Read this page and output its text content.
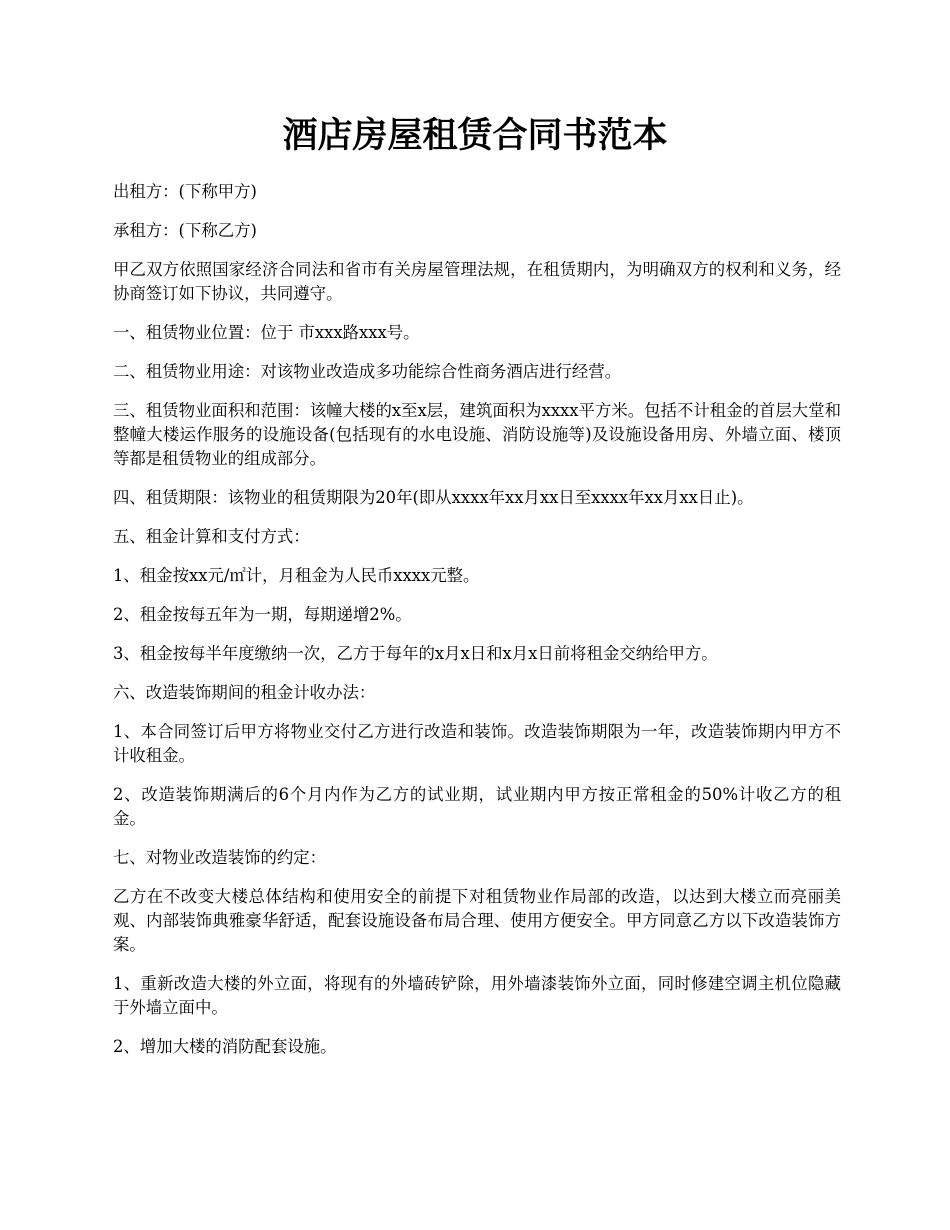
酒店房屋租赁合同书范本

出租方：(下称甲方)

承租方：(下称乙方)

甲乙双方依照国家经济合同法和省市有关房屋管理法规，在租赁期内，为明确双方的权利和义务，经协商签订如下协议，共同遵守。

一、租赁物业位置：位于 市xxx路xxx号。

二、租赁物业用途：对该物业改造成多功能综合性商务酒店进行经营。

三、租赁物业面积和范围：该幢大楼的x至x层，建筑面积为xxxx平方米。包括不计租金的首层大堂和整幢大楼运作服务的设施设备(包括现有的水电设施、消防设施等)及设施设备用房、外墙立面、楼顶等都是租赁物业的组成部分。

四、租赁期限：该物业的租赁期限为20年(即从xxxx年xx月xx日至xxxx年xx月xx日止)。

五、租金计算和支付方式：

1、租金按xx元/㎡计，月租金为人民币xxxx元整。

2、租金按每五年为一期，每期递增2%。

3、租金按每半年度缴纳一次，乙方于每年的x月x日和x月x日前将租金交纳给甲方。

六、改造装饰期间的租金计收办法：

1、本合同签订后甲方将物业交付乙方进行改造和装饰。改造装饰期限为一年，改造装饰期内甲方不计收租金。

2、改造装饰期满后的6个月内作为乙方的试业期，试业期内甲方按正常租金的50%计收乙方的租金。

七、对物业改造装饰的约定：

乙方在不改变大楼总体结构和使用安全的前提下对租赁物业作局部的改造，以达到大楼立而亮丽美观、内部装饰典雅豪华舒适，配套设施设备布局合理、使用方便安全。甲方同意乙方以下改造装饰方案。

1、重新改造大楼的外立面，将现有的外墙砖铲除，用外墙漆装饰外立面，同时修建空调主机位隐藏于外墙立面中。

2、增加大楼的消防配套设施。
